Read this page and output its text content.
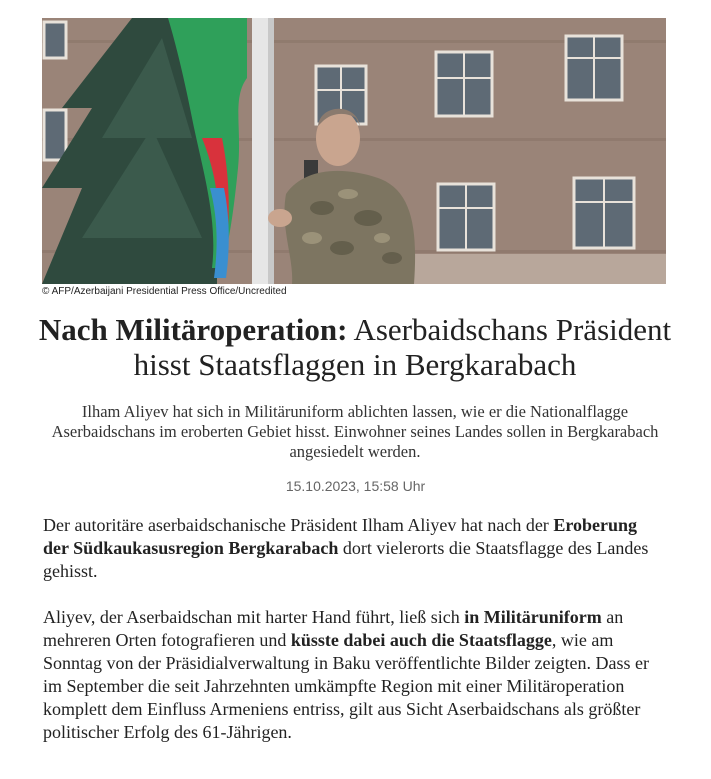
© AFP/Azerbaijani Presidential Press Office/Uncredited
Nach Militäroperation: Aserbaidschans Präsident hisst Staatsflaggen in Bergkarabach

Ilham Aliyev hat sich in Militäruniform ablichten lassen, wie er die Nationalflagge Aserbaidschans im eroberten Gebiet hisst. Einwohner seines Landes sollen in Bergkarabach angesiedelt werden.

15.10.2023, 15:58 Uhr

Der autoritäre aserbaidschanische Präsident Ilham Aliyev hat nach der Eroberung der Südkaukasusregion Bergkarabach dort vielerorts die Staatsflagge des Landes gehisst.

Aliyev, der Aserbaidschan mit harter Hand führt, ließ sich in Militäruniform an mehreren Orten fotografieren und küsste dabei auch die Staatsflagge, wie am Sonntag von der Präsidialverwaltung in Baku veröffentlichte Bilder zeigten. Dass er im September die seit Jahrzehnten umkämpfte Region mit einer Militäroperation komplett dem Einfluss Armeniens entriss, gilt aus Sicht Aserbaidschans als größter politischer Erfolg des 61-Jährigen.
